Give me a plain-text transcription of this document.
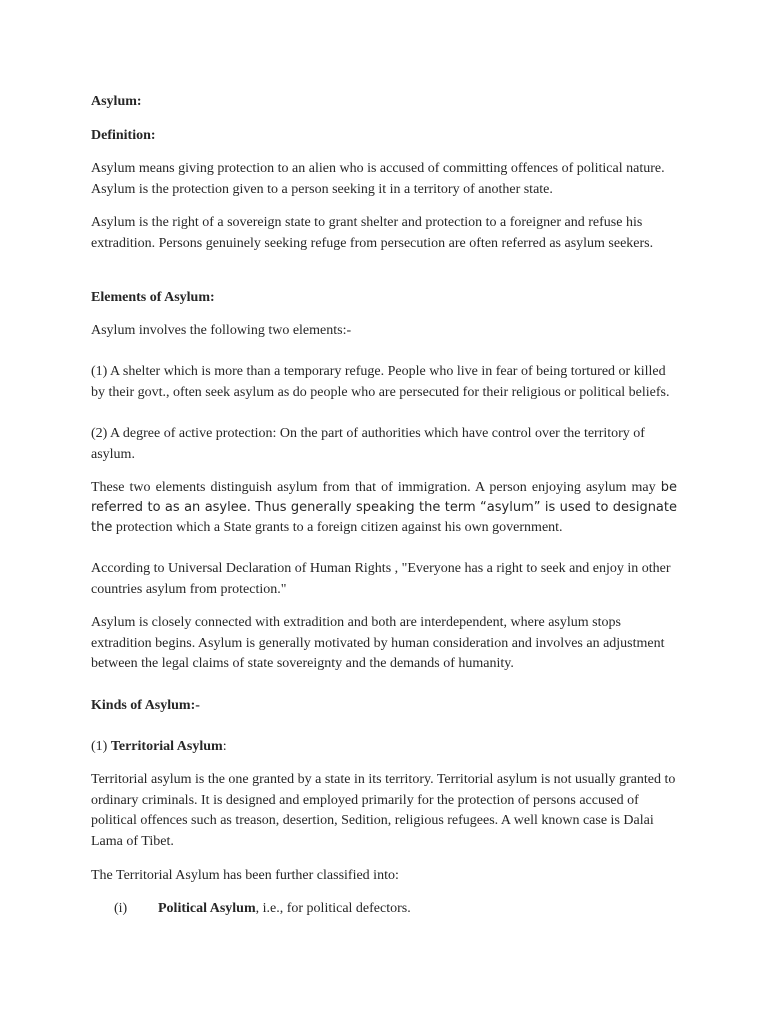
Asylum:

Definition:

Asylum means giving protection to an alien who is accused of committing offences of political nature. Asylum is the protection given to a person seeking it in a territory of another state.

Asylum is the right of a sovereign state to grant shelter and protection to a foreigner and refuse his extradition. Persons genuinely seeking refuge from persecution are often referred as asylum seekers.

Elements of Asylum:

Asylum involves the following two elements:-

(1) A shelter which is more than a temporary refuge. People who live in fear of being tortured or killed by their govt., often seek asylum as do people who are persecuted for their religious or political beliefs.

(2) A degree of active protection: On the part of authorities which have control over the territory of asylum.

These two elements distinguish asylum from that of immigration. A person enjoying asylum may be referred to as an asylee. Thus generally speaking the term “asylum” is used to designate the protection which a State grants to a foreign citizen against his own government.

According to Universal Declaration of Human Rights , "Everyone has a right to seek and enjoy in other countries asylum from protection."

Asylum is closely connected with extradition and both are interdependent, where asylum stops extradition begins. Asylum is generally motivated by human consideration and involves an adjustment between the legal claims of state sovereignty and the demands of humanity.

Kinds of Asylum:-

(1) Territorial Asylum:

Territorial asylum is the one granted by a state in its territory. Territorial asylum is not usually granted to ordinary criminals. It is designed and employed primarily for the protection of persons accused of political offences such as treason, desertion, Sedition, religious refugees. A well known case is Dalai Lama of Tibet.

The Territorial Asylum has been further classified into:

(i) Political Asylum, i.e., for political defectors.
